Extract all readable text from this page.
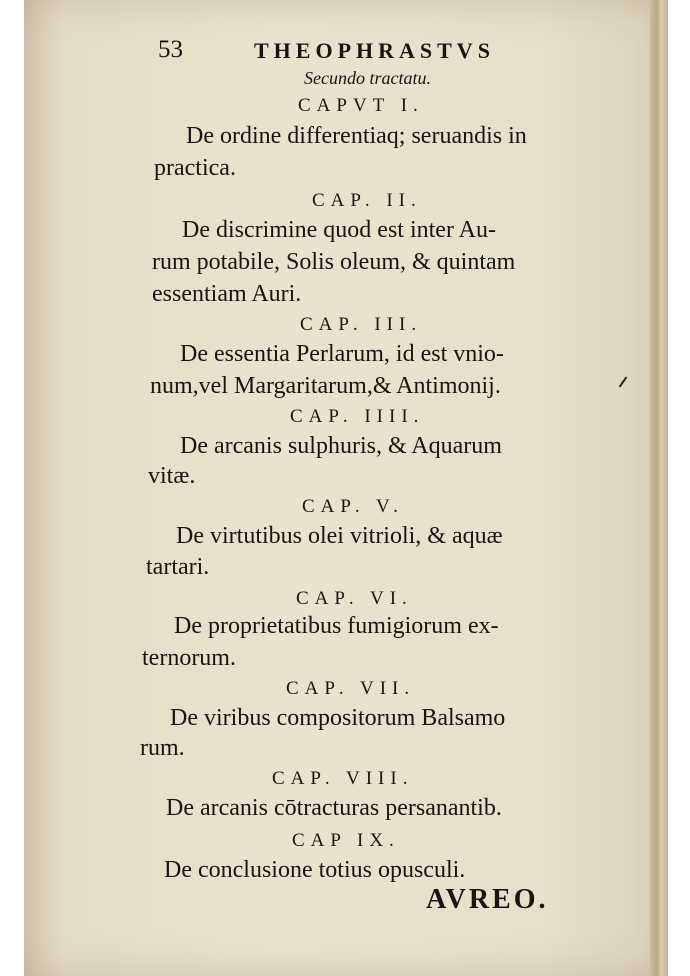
53	THEOPHRASTVS
Secundo tractatu.
CAPVT I.
De ordine differentiaq; seruandis in
practica.
CAP. II.
De discrimine quod est inter Au-
rum potabile, Solis oleum, & quintam
essentiam Auri.
CAP. III.
De essentia Perlarum, id est vnio-
num,vel Margaritarum,& Antimonij.
CAP. IIII.
De arcanis sulphuris, & Aquarum
vitæ.
CAP. V.
De virtutibus olei vitrioli, & aquæ
tartari.
CAP. VI.
De proprietatibus fumigiorum ex-
ternorum.
CAP. VII.
De viribus compositorum Balsamo
rum.
CAP. VIII.
De arcanis cōtracturas persanantib.
CAP IX.
De conclusione totius opusculi.
AVREO.
